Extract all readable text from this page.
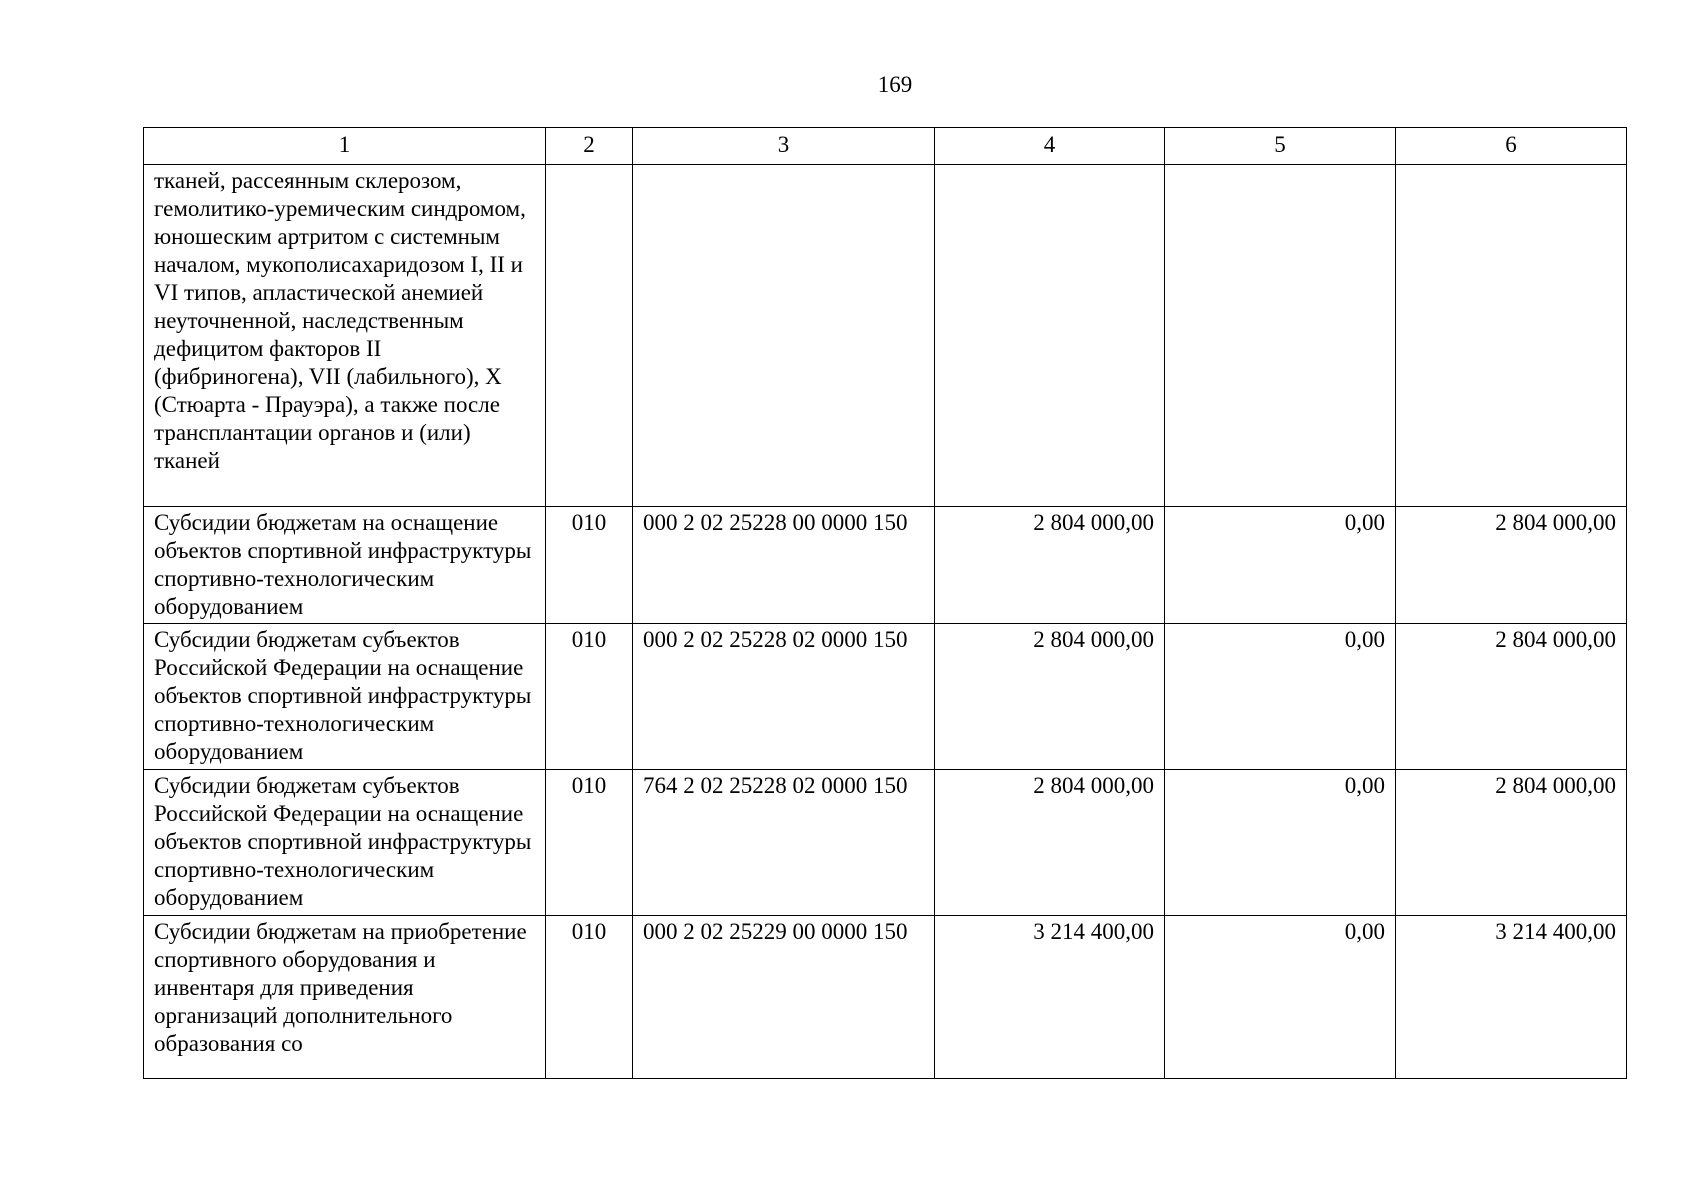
169
1	2	3	4	5	6

тканей, рассеянным склерозом, гемолитико-уремическим синдромом, юношеским артритом с системным началом, мукополисахаридозом I, II и VI типов, апластической анемией неуточненной, наследственным дефицитом факторов II (фибриногена), VII (лабильного), X (Стюарта - Прауэра), а также после трансплантации органов и (или) тканей					

Субсидии бюджетам на оснащение объектов спортивной инфраструктуры спортивно-технологическим оборудованием	010	000 2 02 25228 00 0000 150	2 804 000,00	0,00	2 804 000,00

Субсидии бюджетам субъектов Российской Федерации на оснащение объектов спортивной инфраструктуры спортивно-технологическим оборудованием	010	000 2 02 25228 02 0000 150	2 804 000,00	0,00	2 804 000,00

Субсидии бюджетам субъектов Российской Федерации на оснащение объектов спортивной инфраструктуры спортивно-технологическим оборудованием	010	764 2 02 25228 02 0000 150	2 804 000,00	0,00	2 804 000,00

Субсидии бюджетам на приобретение спортивного оборудования и инвентаря для приведения организаций дополнительного образования со	010	000 2 02 25229 00 0000 150	3 214 400,00	0,00	3 214 400,00
